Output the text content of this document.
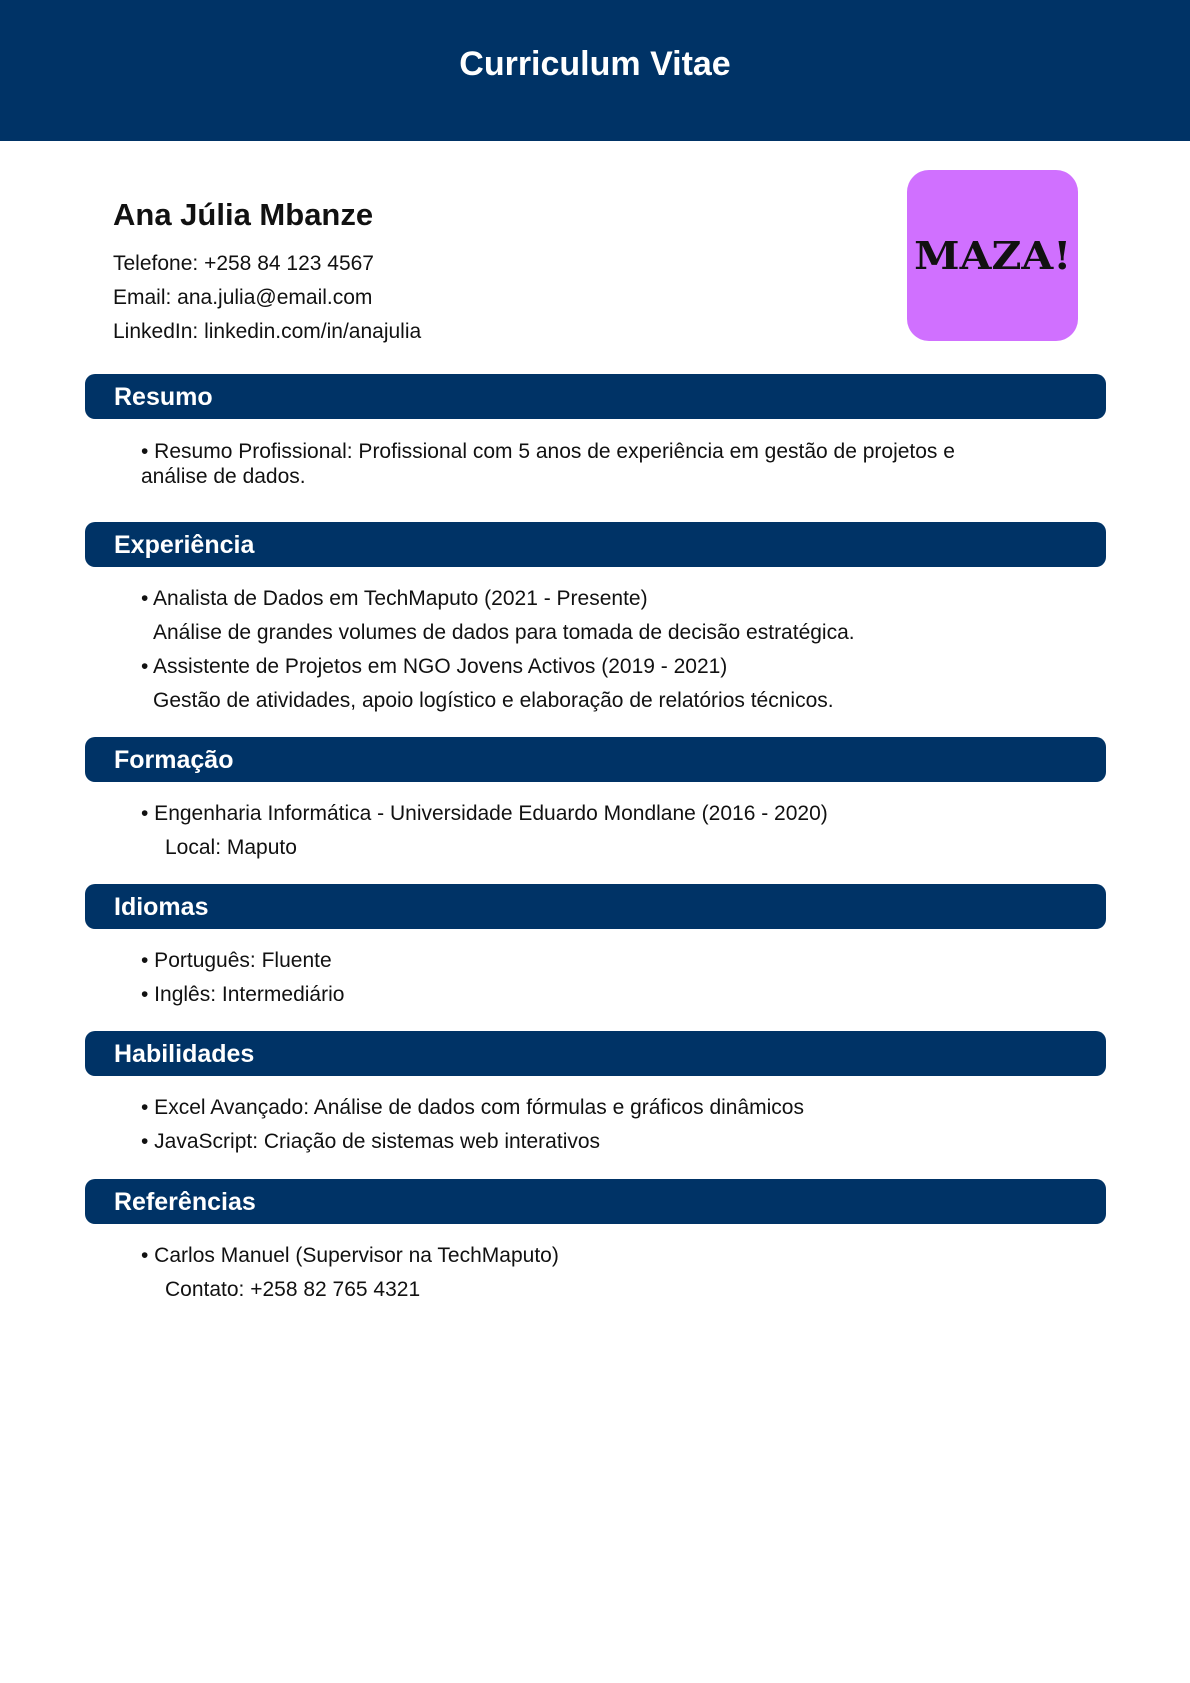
Curriculum Vitae
Ana Júlia Mbanze
Telefone: +258 84 123 4567
Email: ana.julia@email.com
LinkedIn: linkedin.com/in/anajulia
MAZA!
Resumo
• Resumo Profissional: Profissional com 5 anos de experiência em gestão de projetos e análise de dados.
Experiência
• Analista de Dados em TechMaputo (2021 - Presente)
Análise de grandes volumes de dados para tomada de decisão estratégica.
• Assistente de Projetos em NGO Jovens Activos (2019 - 2021)
Gestão de atividades, apoio logístico e elaboração de relatórios técnicos.
Formação
• Engenharia Informática - Universidade Eduardo Mondlane (2016 - 2020)
Local: Maputo
Idiomas
• Português: Fluente
• Inglês: Intermediário
Habilidades
• Excel Avançado: Análise de dados com fórmulas e gráficos dinâmicos
• JavaScript: Criação de sistemas web interativos
Referências
• Carlos Manuel (Supervisor na TechMaputo)
Contato: +258 82 765 4321
